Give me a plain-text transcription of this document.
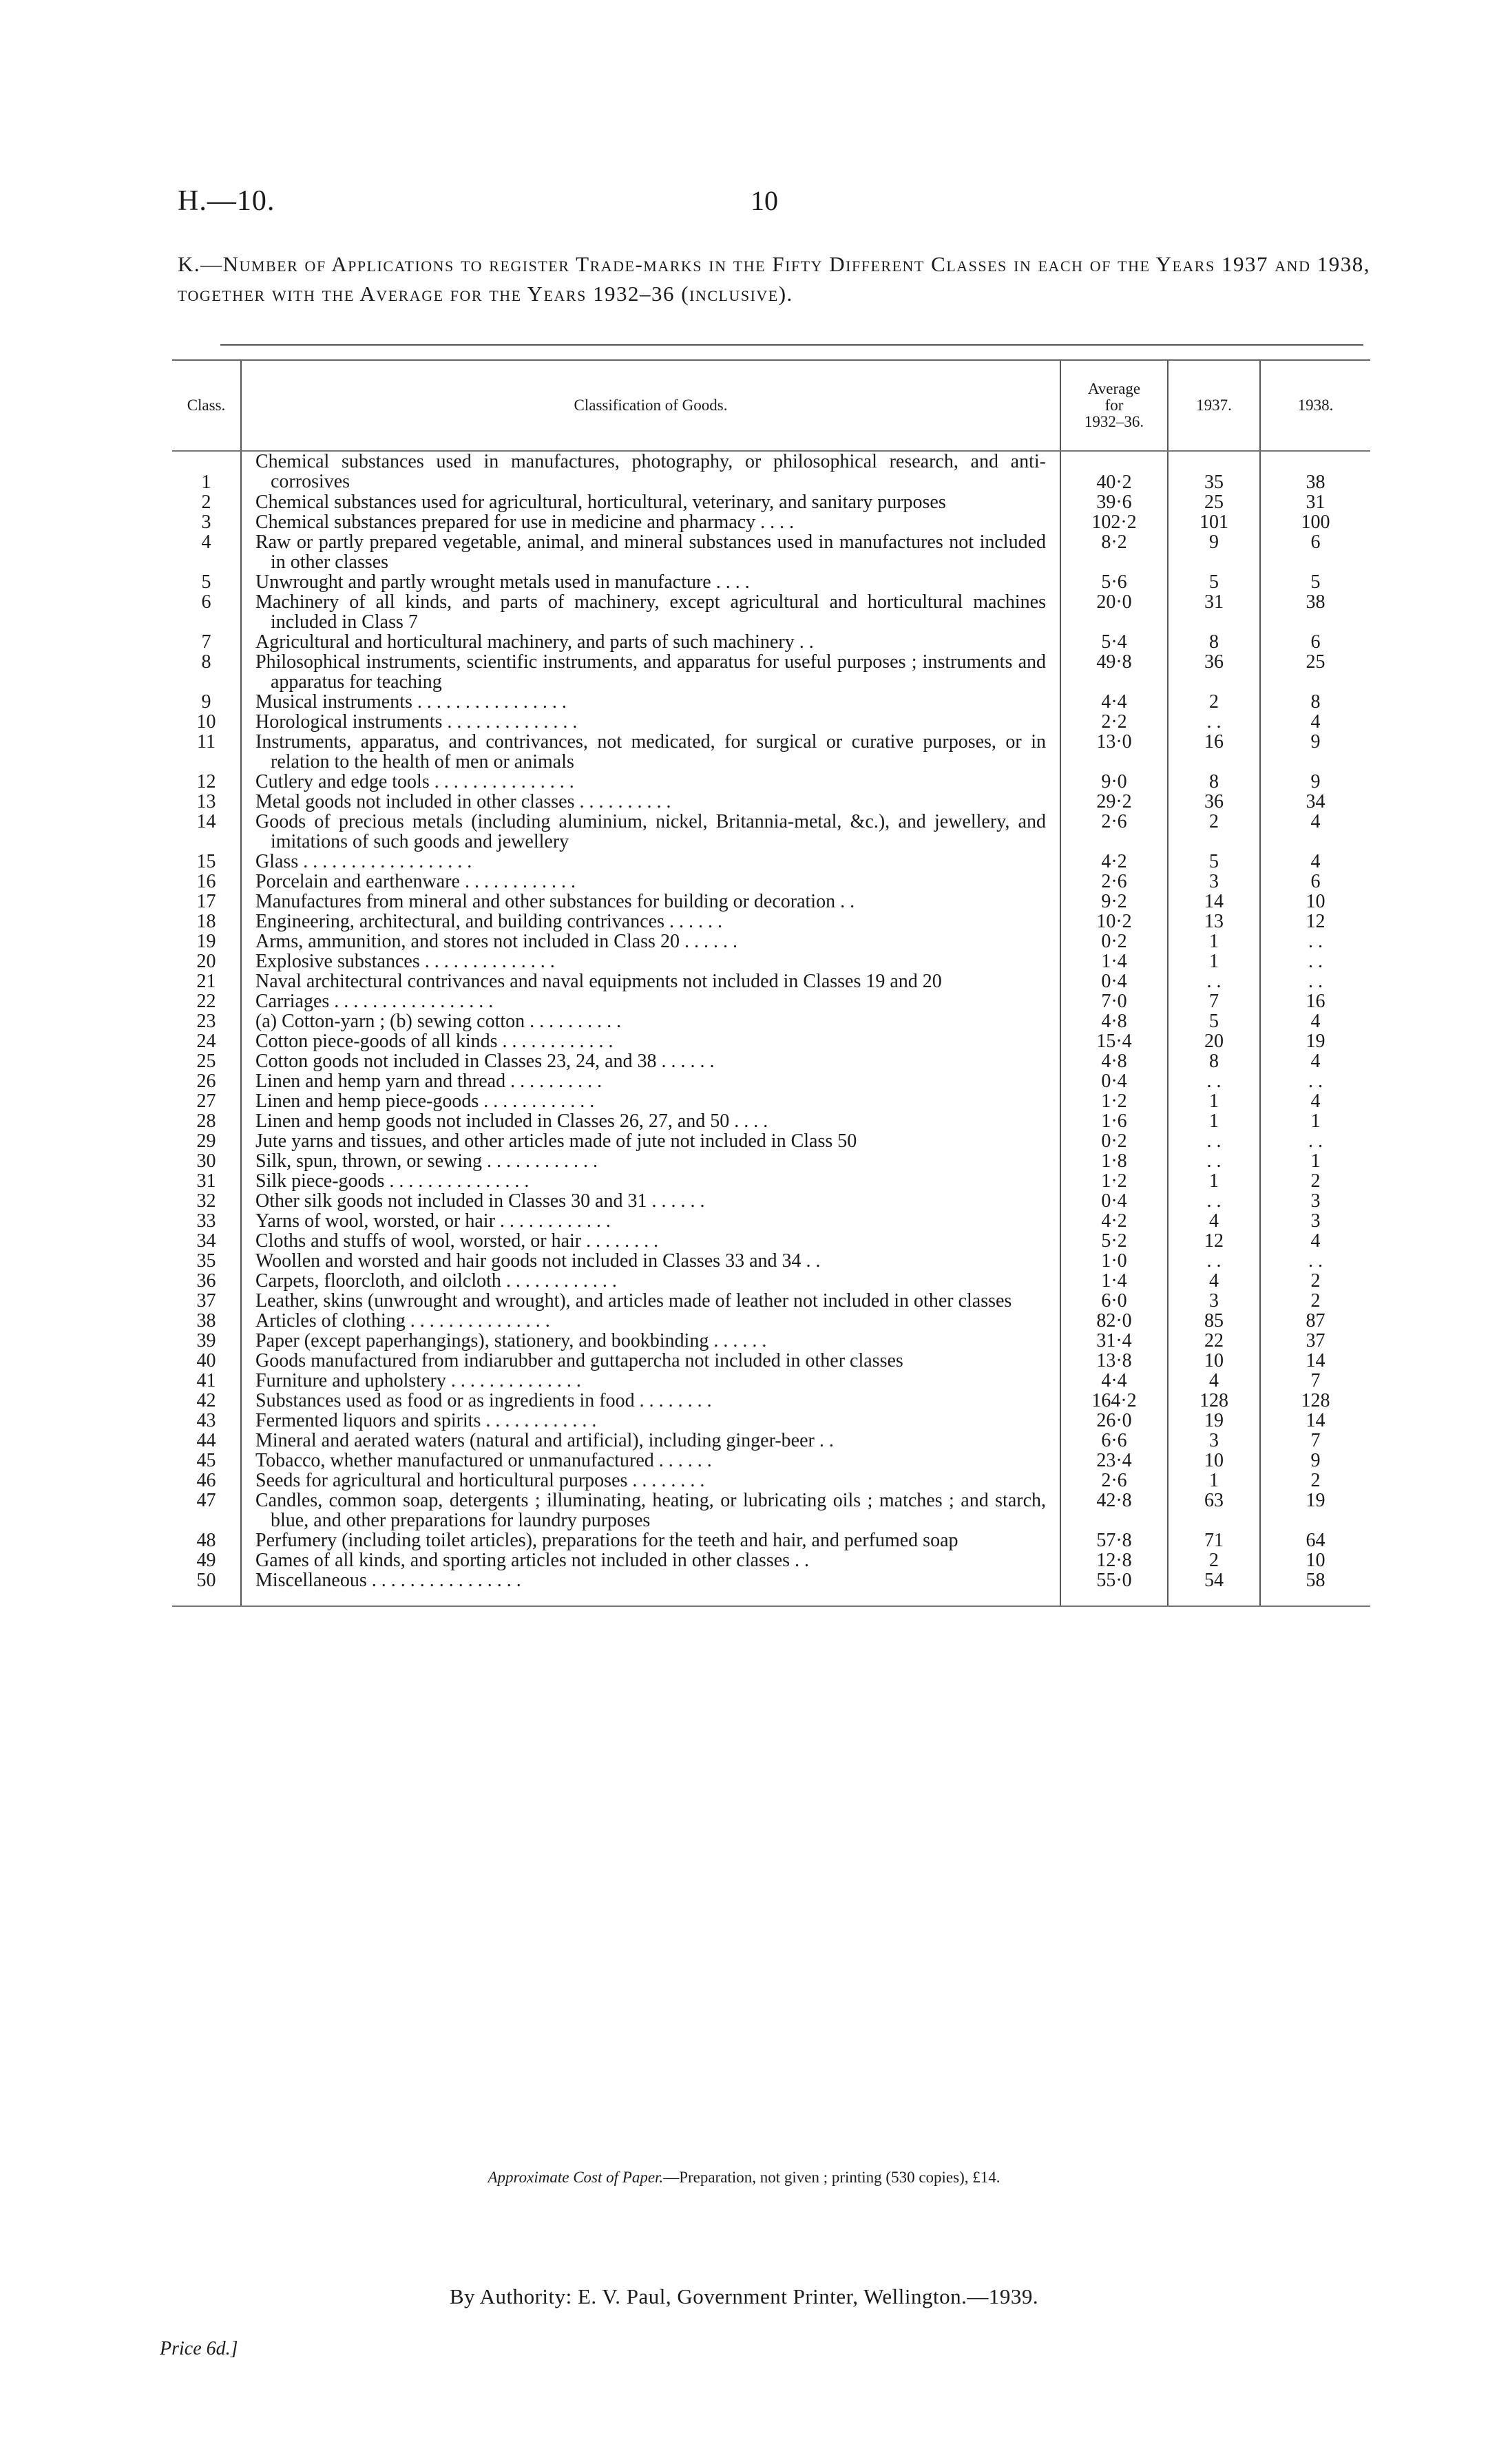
H.—10.	10
K.—Number of Applications to register Trade-marks in the Fifty Different Classes in each of the Years 1937 and 1938, together with the Average for the Years 1932–36 (inclusive).
Class.	Classification of Goods.	Average
for
1932–36.	1937.	1938.
1	Chemical substances used in manufactures, photography, or philosophical research, and anti-corrosives	40·2	35	38
2	Chemical substances used for agricultural, horticultural, veterinary, and sanitary purposes	39·6	25	31
3	Chemical substances prepared for use in medicine and pharmacy . . . .	102·2	101	100
4	Raw or partly prepared vegetable, animal, and mineral substances used in manufactures not included in other classes	8·2	9	6
5	Unwrought and partly wrought metals used in manufacture . . . .	5·6	5	5
6	Machinery of all kinds, and parts of machinery, except agricultural and horticultural machines included in Class 7	20·0	31	38
7	Agricultural and horticultural machinery, and parts of such machinery . .	5·4	8	6
8	Philosophical instruments, scientific instruments, and apparatus for useful purposes ; instruments and apparatus for teaching	49·8	36	25
9	Musical instruments . . . . . . . . . . . . . . . .	4·4	2	8
10	Horological instruments . . . . . . . . . . . . . .	2·2	. .	4
11	Instruments, apparatus, and contrivances, not medicated, for surgical or curative purposes, or in relation to the health of men or animals	13·0	16	9
12	Cutlery and edge tools . . . . . . . . . . . . . . .	9·0	8	9
13	Metal goods not included in other classes . . . . . . . . . .	29·2	36	34
14	Goods of precious metals (including aluminium, nickel, Britannia-metal, &c.), and jewellery, and imitations of such goods and jewellery	2·6	2	4
15	Glass . . . . . . . . . . . . . . . . . .	4·2	5	4
16	Porcelain and earthenware . . . . . . . . . . . .	2·6	3	6
17	Manufactures from mineral and other substances for building or decoration . .	9·2	14	10
18	Engineering, architectural, and building contrivances . . . . . .	10·2	13	12
19	Arms, ammunition, and stores not included in Class 20 . . . . . .	0·2	1	. .
20	Explosive substances . . . . . . . . . . . . . .	1·4	1	. .
21	Naval architectural contrivances and naval equipments not included in Classes 19 and 20	0·4	. .	. .
22	Carriages . . . . . . . . . . . . . . . . .	7·0	7	16
23	(a) Cotton-yarn ; (b) sewing cotton . . . . . . . . . .	4·8	5	4
24	Cotton piece-goods of all kinds . . . . . . . . . . . .	15·4	20	19
25	Cotton goods not included in Classes 23, 24, and 38 . . . . . .	4·8	8	4
26	Linen and hemp yarn and thread . . . . . . . . . .	0·4	. .	. .
27	Linen and hemp piece-goods . . . . . . . . . . . .	1·2	1	4
28	Linen and hemp goods not included in Classes 26, 27, and 50 . . . .	1·6	1	1
29	Jute yarns and tissues, and other articles made of jute not included in Class 50	0·2	. .	. .
30	Silk, spun, thrown, or sewing . . . . . . . . . . . .	1·8	. .	1
31	Silk piece-goods . . . . . . . . . . . . . . .	1·2	1	2
32	Other silk goods not included in Classes 30 and 31 . . . . . .	0·4	. .	3
33	Yarns of wool, worsted, or hair . . . . . . . . . . . .	4·2	4	3
34	Cloths and stuffs of wool, worsted, or hair . . . . . . . .	5·2	12	4
35	Woollen and worsted and hair goods not included in Classes 33 and 34 . .	1·0	. .	. .
36	Carpets, floorcloth, and oilcloth . . . . . . . . . . . .	1·4	4	2
37	Leather, skins (unwrought and wrought), and articles made of leather not included in other classes	6·0	3	2
38	Articles of clothing . . . . . . . . . . . . . . .	82·0	85	87
39	Paper (except paperhangings), stationery, and bookbinding . . . . . .	31·4	22	37
40	Goods manufactured from indiarubber and guttapercha not included in other classes	13·8	10	14
41	Furniture and upholstery . . . . . . . . . . . . . .	4·4	4	7
42	Substances used as food or as ingredients in food . . . . . . . .	164·2	128	128
43	Fermented liquors and spirits . . . . . . . . . . . .	26·0	19	14
44	Mineral and aerated waters (natural and artificial), including ginger-beer . .	6·6	3	7
45	Tobacco, whether manufactured or unmanufactured . . . . . .	23·4	10	9
46	Seeds for agricultural and horticultural purposes . . . . . . . .	2·6	1	2
47	Candles, common soap, detergents ; illuminating, heating, or lubricating oils ; matches ; and starch, blue, and other preparations for laundry purposes	42·8	63	19
48	Perfumery (including toilet articles), preparations for the teeth and hair, and perfumed soap	57·8	71	64
49	Games of all kinds, and sporting articles not included in other classes . .	12·8	2	10
50	Miscellaneous . . . . . . . . . . . . . . . .	55·0	54	58
Approximate Cost of Paper.—Preparation, not given ; printing (530 copies), £14.
By Authority: E. V. Paul, Government Printer, Wellington.—1939.
Price 6d.]
